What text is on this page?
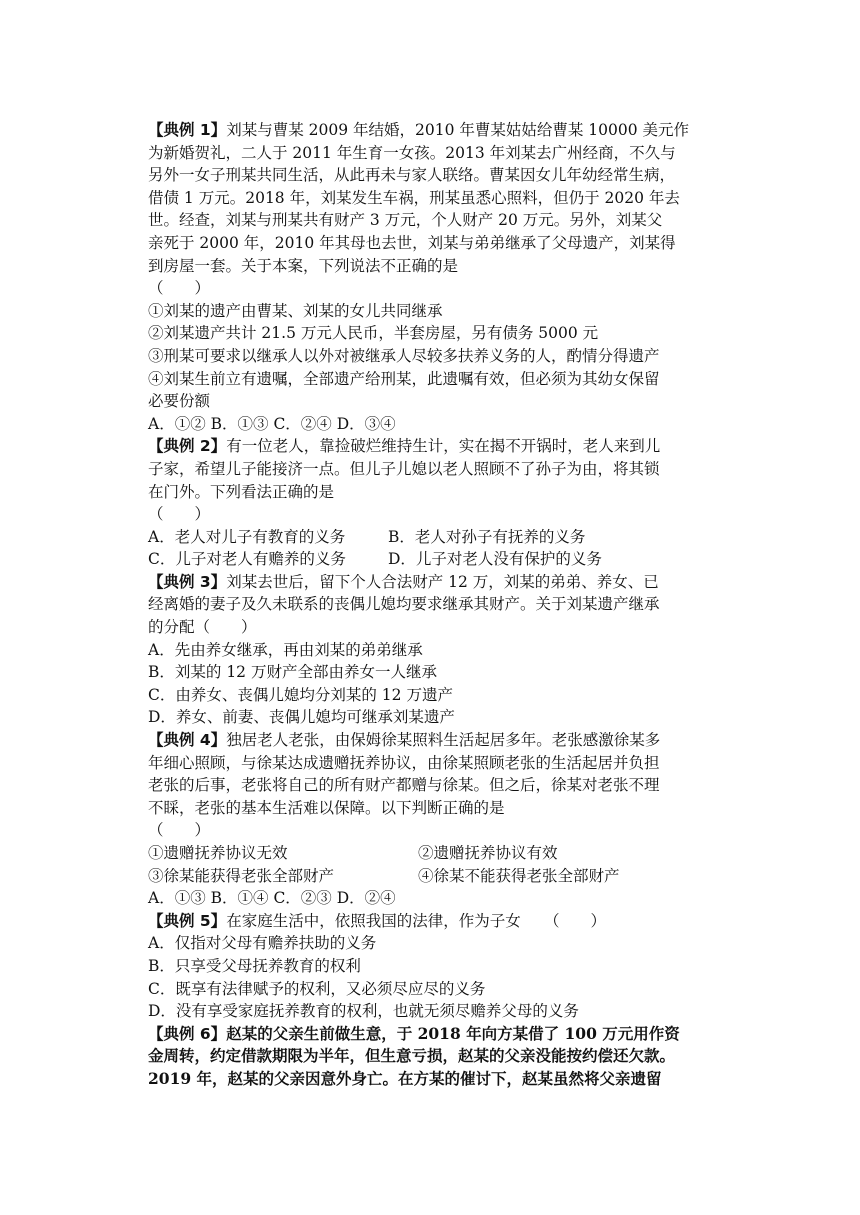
【典例 1】刘某与曹某 2009 年结婚，2010 年曹某姑姑给曹某 10000 美元作
为新婚贺礼，二人于 2011 年生育一女孩。2013 年刘某去广州经商，不久与
另外一女子刑某共同生活，从此再未与家人联络。曹某因女儿年幼经常生病，
借债 1 万元。2018 年，刘某发生车祸，刑某虽悉心照料，但仍于 2020 年去
世。经查，刘某与刑某共有财产 3 万元，个人财产 20 万元。另外，刘某父
亲死于 2000 年，2010 年其母也去世，刘某与弟弟继承了父母遗产，刘某得
到房屋一套。关于本案，下列说法不正确的是
（　　）
①刘某的遗产由曹某、刘某的女儿共同继承
②刘某遗产共计 21.5 万元人民币，半套房屋，另有债务 5000 元
③刑某可要求以继承人以外对被继承人尽较多扶养义务的人，酌情分得遗产
④刘某生前立有遗嘱，全部遗产给刑某，此遗嘱有效，但必须为其幼女保留
必要份额
A．①② B．①③ C．②④ D．③④
【典例 2】有一位老人，靠捡破烂维持生计，实在揭不开锅时，老人来到儿
子家，希望儿子能接济一点。但儿子儿媳以老人照顾不了孙子为由，将其锁
在门外。下列看法正确的是
（　　）
A．老人对儿子有教育的义务	B．老人对孙子有抚养的义务
C．儿子对老人有赡养的义务	D．儿子对老人没有保护的义务
【典例 3】刘某去世后，留下个人合法财产 12 万，刘某的弟弟、养女、已
经离婚的妻子及久未联系的丧偶儿媳均要求继承其财产。关于刘某遗产继承
的分配（　　）
A．先由养女继承，再由刘某的弟弟继承
B．刘某的 12 万财产全部由养女一人继承
C．由养女、丧偶儿媳均分刘某的 12 万遗产
D．养女、前妻、丧偶儿媳均可继承刘某遗产
【典例 4】独居老人老张，由保姆徐某照料生活起居多年。老张感激徐某多
年细心照顾，与徐某达成遗赠抚养协议，由徐某照顾老张的生活起居并负担
老张的后事，老张将自己的所有财产都赠与徐某。但之后，徐某对老张不理
不睬，老张的基本生活难以保障。以下判断正确的是
（　　）
①遗赠抚养协议无效	②遗赠抚养协议有效
③徐某能获得老张全部财产	④徐某不能获得老张全部财产
A．①③ B．①④ C．②③ D．②④
【典例 5】在家庭生活中，依照我国的法律，作为子女　　（　　）
A．仅指对父母有赡养扶助的义务
B．只享受父母抚养教育的权利
C．既享有法律赋予的权利，又必须尽应尽的义务
D．没有享受家庭抚养教育的权利，也就无须尽赡养父母的义务
【典例 6】赵某的父亲生前做生意，于 2018 年向方某借了 100 万元用作资
金周转，约定借款期限为半年，但生意亏损，赵某的父亲没能按约偿还欠款。
2019 年，赵某的父亲因意外身亡。在方某的催讨下，赵某虽然将父亲遗留
